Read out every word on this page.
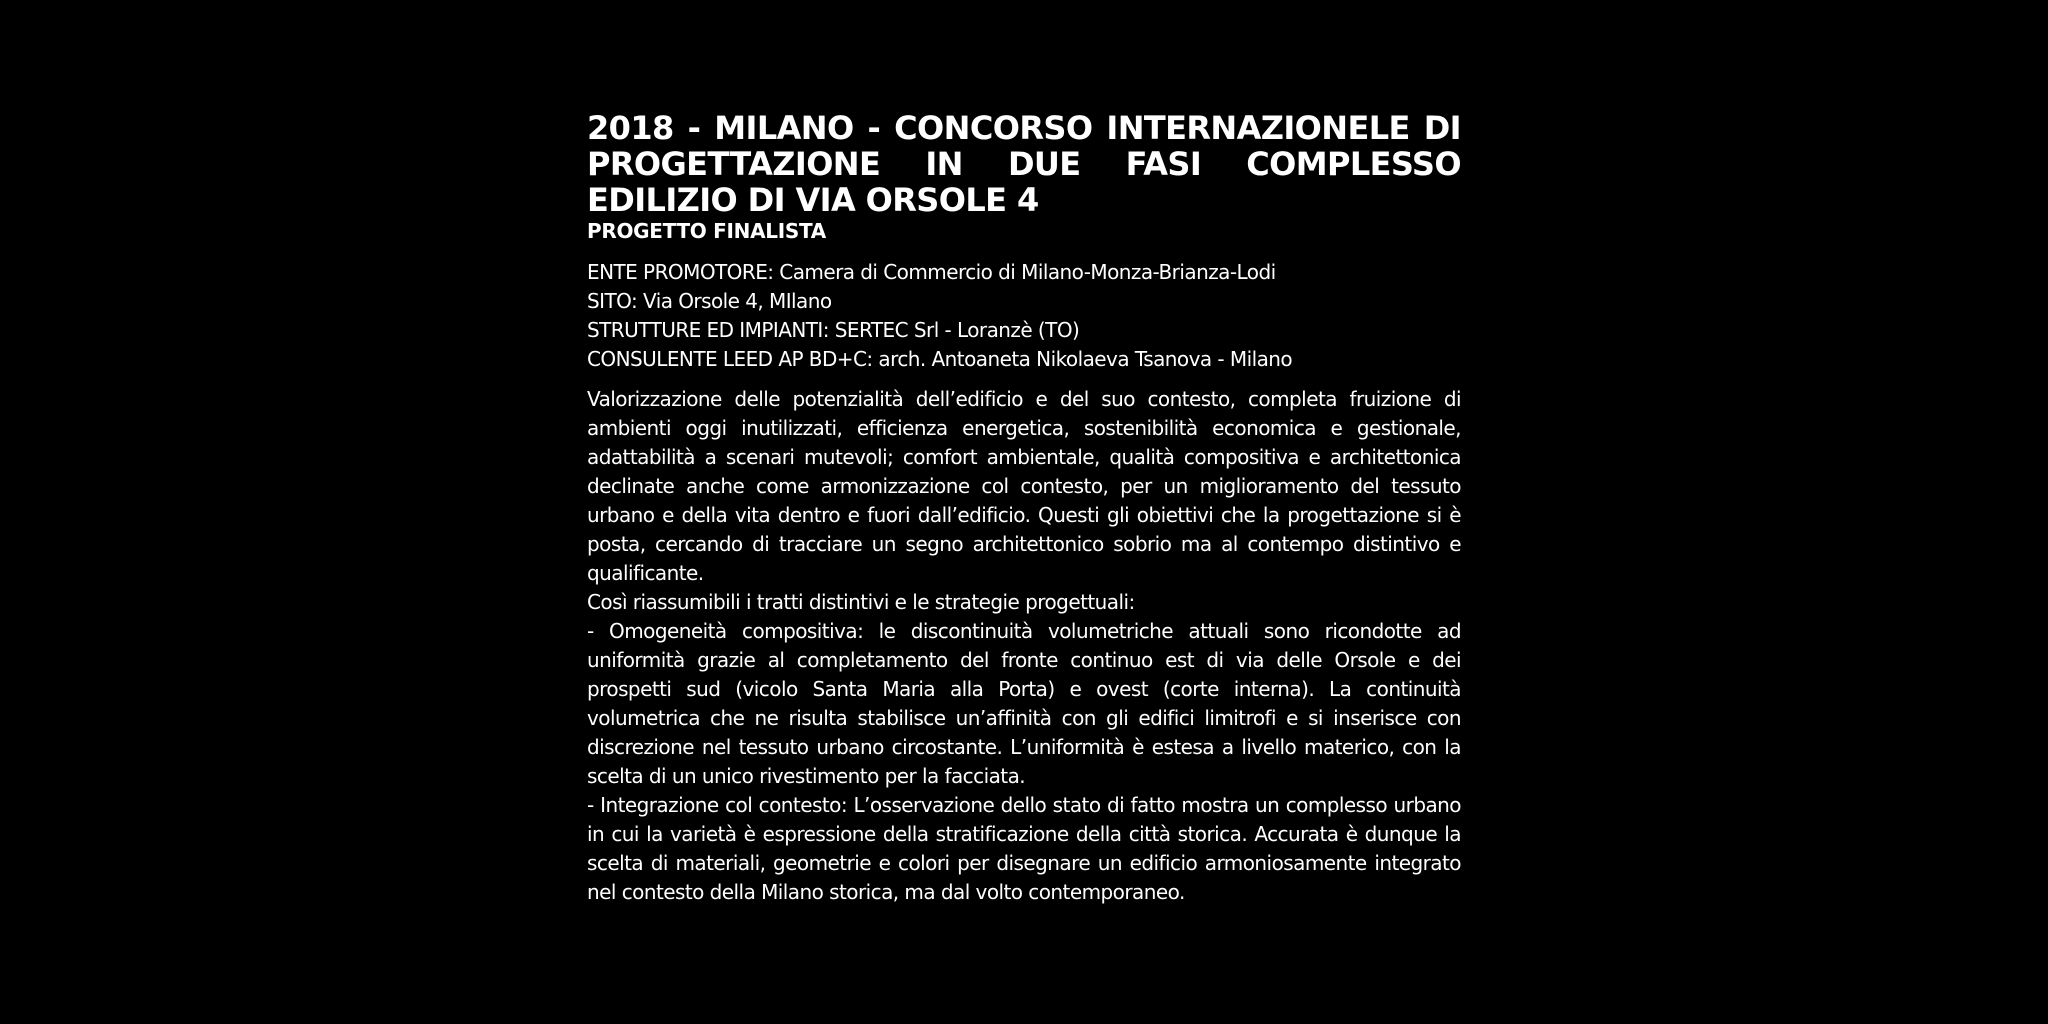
2018 - MILANO - CONCORSO INTERNAZIONELE DI PROGETTAZIONE IN DUE FASI COMPLESSO EDILIZIO DI VIA ORSOLE 4
PROGETTO FINALISTA
ENTE PROMOTORE: Camera di Commercio di Milano-Monza-Brianza-Lodi
SITO: Via Orsole 4, MIlano
STRUTTURE ED IMPIANTI: SERTEC Srl - Loranzè (TO)
CONSULENTE LEED AP BD+C: arch. Antoaneta Nikolaeva Tsanova - Milano

Valorizzazione delle potenzialità dell’edificio e del suo contesto, completa fruizione di ambienti oggi inutilizzati, efficienza energetica, sostenibilità economica e gestionale, adattabilità a scenari mutevoli; comfort ambientale, qualità compositiva e architettonica declinate anche come armonizzazione col contesto, per un miglioramento del tessuto urbano e della vita dentro e fuori dall’edificio. Questi gli obiettivi che la progettazione si è posta, cercando di tracciare un segno architettonico sobrio ma al contempo distintivo e qualificante.

Così riassumibili i tratti distintivi e le strategie progettuali:

- Omogeneità compositiva: le discontinuità volumetriche attuali sono ricondotte ad uniformità grazie al completamento del fronte continuo est di via delle Orsole e dei prospetti sud (vicolo Santa Maria alla Porta) e ovest (corte interna). La continuità volumetrica che ne risulta stabilisce un’affinità con gli edifici limitrofi e si inserisce con discrezione nel tessuto urbano circostante. L’uniformità è estesa a livello materico, con la scelta di un unico rivestimento per la facciata.

- Integrazione col contesto: L’osservazione dello stato di fatto mostra un complesso urbano in cui la varietà è espressione della stratificazione della città storica. Accurata è dunque la scelta di materiali, geometrie e colori per disegnare un edificio armoniosamente integrato nel contesto della Milano storica, ma dal volto contemporaneo.
